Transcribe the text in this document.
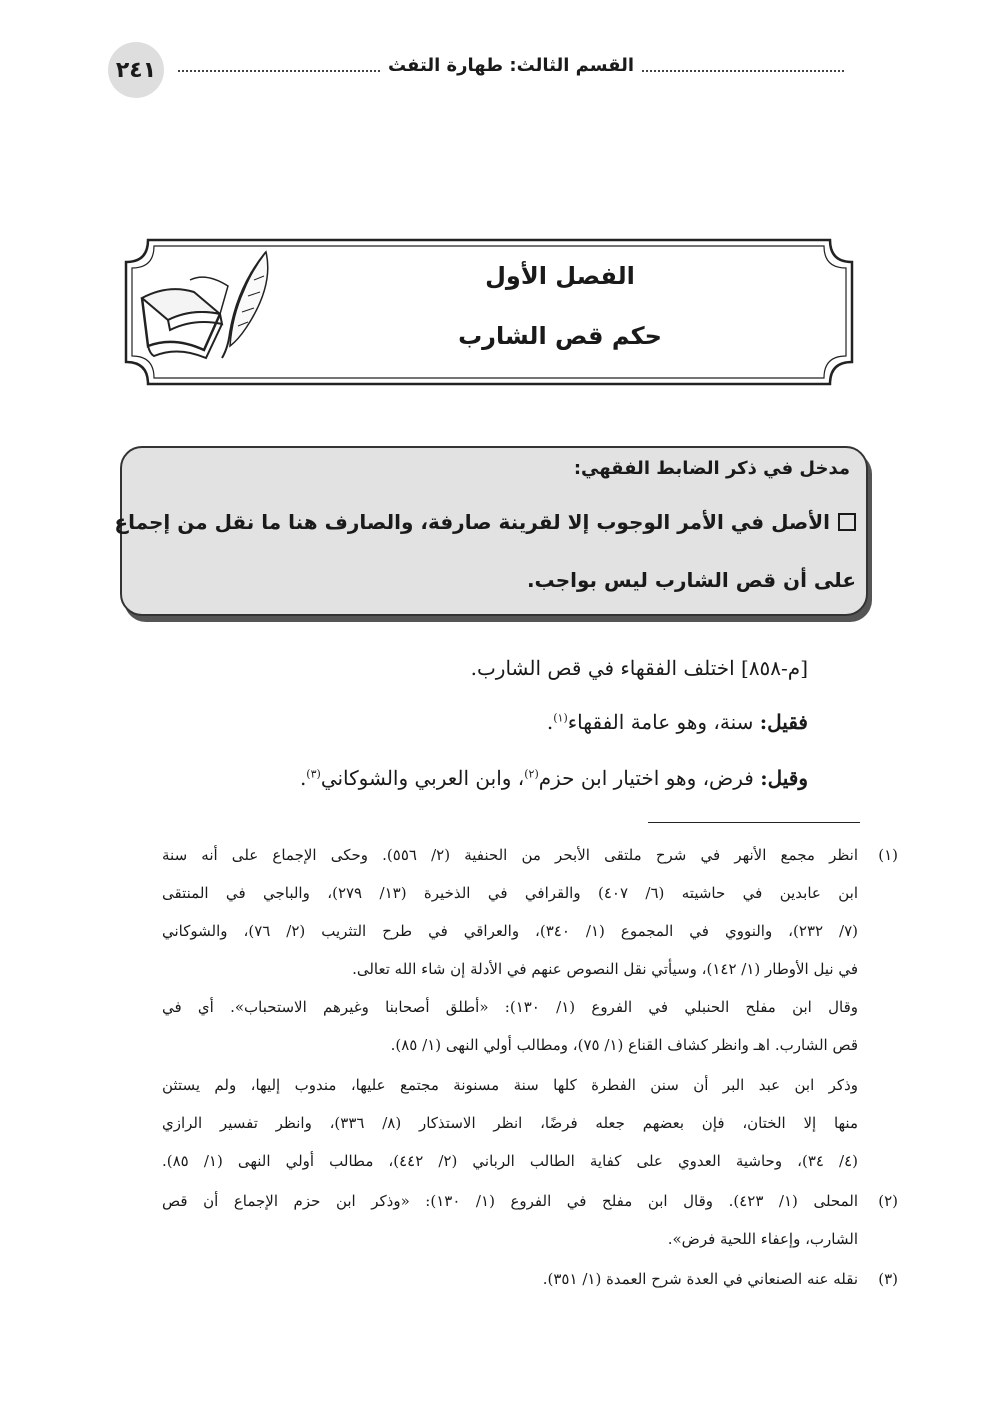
٢٤١	القسم الثالث: طهارة التفث
الفصل الأول
حكم قص الشارب
مدخل في ذكر الضابط الفقهي:
الأصل في الأمر الوجوب إلا لقرينة صارفة، والصارف هنا ما نقل من إجماع
على أن قص الشارب ليس بواجب.
[م-٨٥٨] اختلف الفقهاء في قص الشارب.
فقيل: سنة، وهو عامة الفقهاء$^{(١)}$.
وقيل: فرض، وهو اختيار ابن حزم$^{(٢)}$، وابن العربي والشوكاني$^{(٣)}$.
(١)
انظر مجمع الأنهر في شرح ملتقى الأبحر من الحنفية (٢/ ٥٥٦). وحكى الإجماع على أنه سنة
ابن عابدين في حاشيته (٦/ ٤٠٧) والقرافي في الذخيرة (١٣/ ٢٧٩)، والباجي في المنتقى
(٧/ ٢٣٢)، والنووي في المجموع (١/ ٣٤٠)، والعراقي في طرح التثريب (٢/ ٧٦)، والشوكاني
في نيل الأوطار (١/ ١٤٢)، وسيأتي نقل النصوص عنهم في الأدلة إن شاء الله تعالى.
وقال ابن مفلح الحنبلي في الفروع (١/ ١٣٠): «أطلق أصحابنا وغيرهم الاستحباب». أي في
قص الشارب. اهـ وانظر كشاف القناع (١/ ٧٥)، ومطالب أولي النهى (١/ ٨٥).
وذكر ابن عبد البر أن سنن الفطرة كلها سنة مسنونة مجتمع عليها، مندوب إليها، ولم يستثن
منها إلا الختان، فإن بعضهم جعله فرضًا، انظر الاستذكار (٨/ ٣٣٦)، وانظر تفسير الرازي
(٤/ ٣٤)، وحاشية العدوي على كفاية الطالب الرباني (٢/ ٤٤٢)، مطالب أولي النهى (١/ ٨٥).
(٢)
المحلى (١/ ٤٢٣). وقال ابن مفلح في الفروع (١/ ١٣٠): «وذكر ابن حزم الإجماع أن قص
الشارب، وإعفاء اللحية فرض».
(٣)
نقله عنه الصنعاني في العدة شرح العمدة (١/ ٣٥١).
